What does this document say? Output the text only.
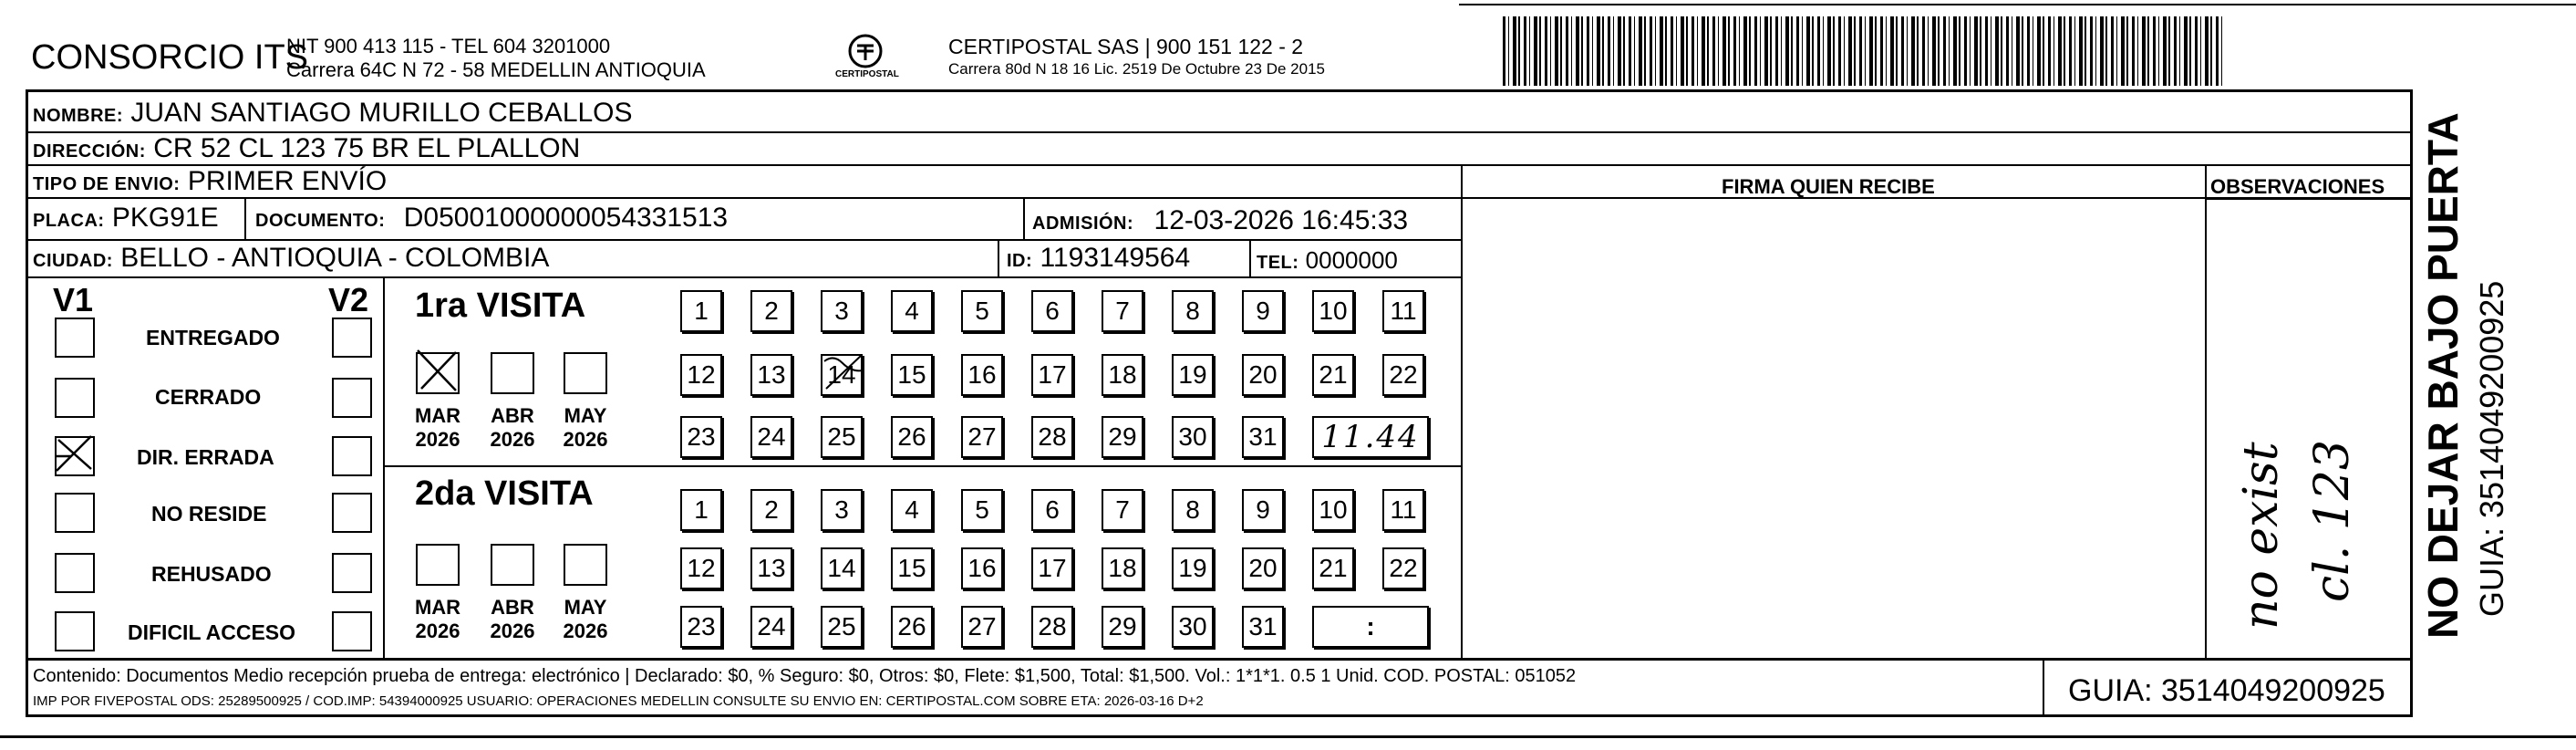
CONSORCIO ITS
NIT 900 413 115 - TEL 604 3201000
Carrera 64C N 72 - 58 MEDELLIN ANTIOQUIA	CERTIPOSTAL
CERTIPOSTAL SAS | 900 151 122 - 2
Carrera 80d N 18 16 Lic. 2519 De Octubre 23 De 2015
NOMBRE: JUAN SANTIAGO MURILLO CEBALLOS
DIRECCIÓN: CR 52 CL 123 75 BR EL PLALLON
TIPO DE ENVIO: PRIMER ENVÍO	FIRMA QUIEN RECIBE	OBSERVACIONES
PLACA: PKG91E DOCUMENTO: D05001000000054331513	ADMISIÓN: 12-03-2026 16:45:33
CIUDAD: BELLO - ANTIOQUIA - COLOMBIA	ID: 1193149564	TEL: 0000000
V1	V2
ENTREGADO
CERRADO
DIR. ERRADA
NO RESIDE
REHUSADO
DIFICIL ACCESO
1ra VISITA
MAR	ABR	MAY
2026	2026	2026
1	2	3	4	5	6	7	8	9	10	11
12 13 14 15 16 17 18 19 20 21 22
23 24 25 26 27 28 29 30 31	11.44
2da VISITA
MAR	ABR	MAY
2026	2026	2026
1	2	3	4	5	6	7	8	9	10	11
12 13 14 15 16 17 18 19 20 21 22
23 24 25 26 27 28 29 30 31	:	no exist cl. 123 NO DEJAR BAJO PUERTA GUIA: 3514049200925
Contenido: Documentos Medio recepción prueba de entrega: electrónico | Declarado: $0, % Seguro: $0, Otros: $0, Flete: $1,500, Total: $1,500. Vol.: 1*1*1. 0.5 1 Unid. COD. POSTAL: 051052
IMP POR FIVEPOSTAL ODS: 25289500925 / COD.IMP: 54394000925 USUARIO: OPERACIONES MEDELLIN CONSULTE SU ENVIO EN: CERTIPOSTAL.COM SOBRE ETA: 2026-03-16 D+2	GUIA: 3514049200925
